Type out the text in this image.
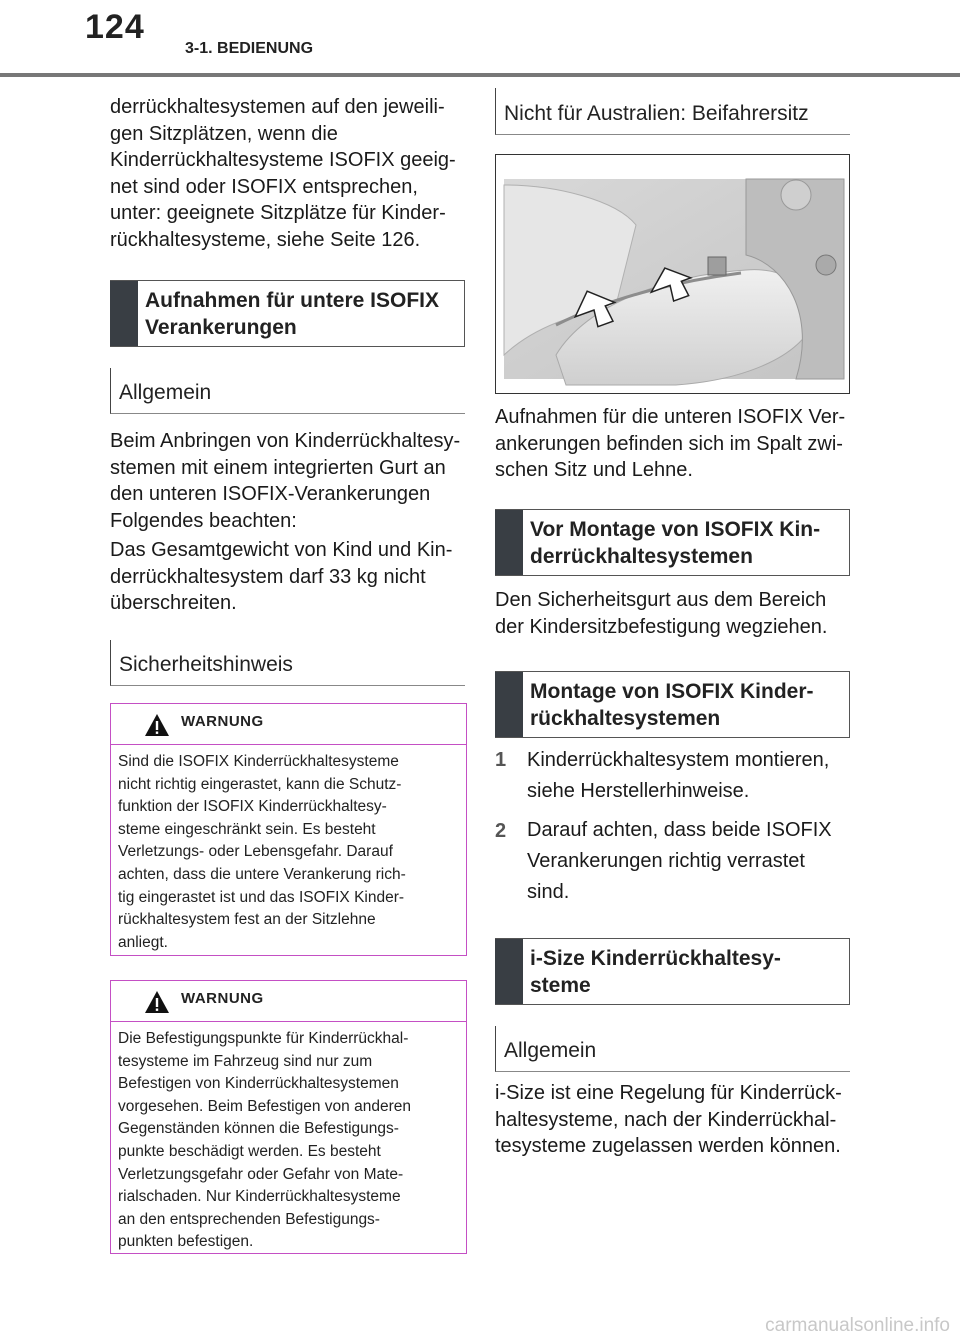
124
3-1. BEDIENUNG

derrückhaltesystemen auf den jeweili-
gen Sitzplätzen, wenn die
Kinderrückhaltesysteme ISOFIX geeig-
net sind oder ISOFIX entsprechen,
unter: geeignete Sitzplätze für Kinder-
rückhaltesysteme, siehe Seite 126.

Aufnahmen für untere ISOFIX
Verankerungen
Allgemein

Beim Anbringen von Kinderrückhaltesy-
stemen mit einem integrierten Gurt an
den unteren ISOFIX-Verankerungen
Folgendes beachten:

Das Gesamtgewicht von Kind und Kin-
derrückhaltesystem darf 33 kg nicht
überschreiten.

Sicherheitshinweis
WARNUNG
Sind die ISOFIX Kinderrückhaltesysteme
nicht richtig eingerastet, kann die Schutz-
funktion der ISOFIX Kinderrückhaltesy-
steme eingeschränkt sein. Es besteht
Verletzungs- oder Lebensgefahr. Darauf
achten, dass die untere Verankerung rich-
tig eingerastet ist und das ISOFIX Kinder-
rückhaltesystem fest an der Sitzlehne
anliegt.
WARNUNG
Die Befestigungspunkte für Kinderrückhal-
tesysteme im Fahrzeug sind nur zum
Befestigen von Kinderrückhaltesystemen
vorgesehen. Beim Befestigen von anderen
Gegenständen können die Befestigungs-
punkte beschädigt werden. Es besteht
Verletzungsgefahr oder Gefahr von Mate-
rialschaden. Nur Kinderrückhaltesysteme
an den entsprechenden Befestigungs-
punkten befestigen.
Nicht für Australien: Beifahrersitz

Aufnahmen für die unteren ISOFIX Ver-
ankerungen befinden sich im Spalt zwi-
schen Sitz und Lehne.

Vor Montage von ISOFIX Kin-
derrückhaltesystemen

Den Sicherheitsgurt aus dem Bereich
der Kindersitzbefestigung wegziehen.

Montage von ISOFIX Kinder-
rückhaltesystemen
1 Kinderrückhaltesystem montieren,
siehe Herstellerhinweise.
2 Darauf achten, dass beide ISOFIX
Verankerungen richtig verrastet
sind.
i-Size Kinderrückhaltesy-
steme
Allgemein

i-Size ist eine Regelung für Kinderrück-
haltesysteme, nach der Kinderrückhal-
tesysteme zugelassen werden können.

carmanualsonline.info
